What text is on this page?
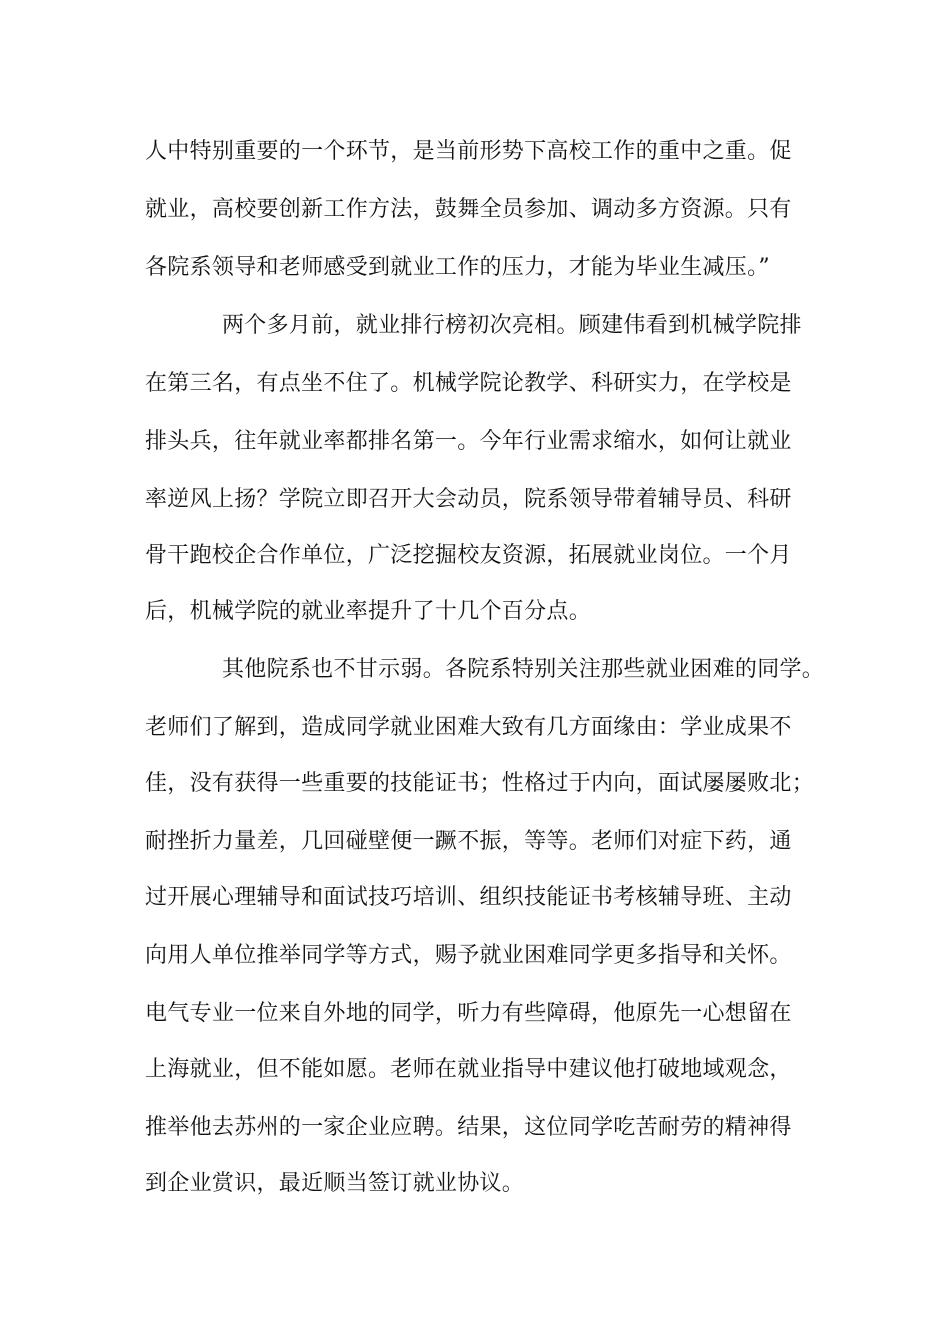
人中特别重要的一个环节，是当前形势下高校工作的重中之重。促
就业，高校要创新工作方法，鼓舞全员参加、调动多方资源。只有
各院系领导和老师感受到就业工作的压力，才能为毕业生减压。”
两个多月前，就业排行榜初次亮相。顾建伟看到机械学院排
在第三名，有点坐不住了。机械学院论教学、科研实力，在学校是
排头兵，往年就业率都排名第一。今年行业需求缩水，如何让就业
率逆风上扬？学院立即召开大会动员，院系领导带着辅导员、科研
骨干跑校企合作单位，广泛挖掘校友资源，拓展就业岗位。一个月
后，机械学院的就业率提升了十几个百分点。
其他院系也不甘示弱。各院系特别关注那些就业困难的同学。
老师们了解到，造成同学就业困难大致有几方面缘由：学业成果不
佳，没有获得一些重要的技能证书；性格过于内向，面试屡屡败北；
耐挫折力量差，几回碰壁便一蹶不振，等等。老师们对症下药，通
过开展心理辅导和面试技巧培训、组织技能证书考核辅导班、主动
向用人单位推举同学等方式，赐予就业困难同学更多指导和关怀。
电气专业一位来自外地的同学，听力有些障碍，他原先一心想留在
上海就业，但不能如愿。老师在就业指导中建议他打破地域观念，
推举他去苏州的一家企业应聘。结果，这位同学吃苦耐劳的精神得
到企业赏识，最近顺当签订就业协议。
